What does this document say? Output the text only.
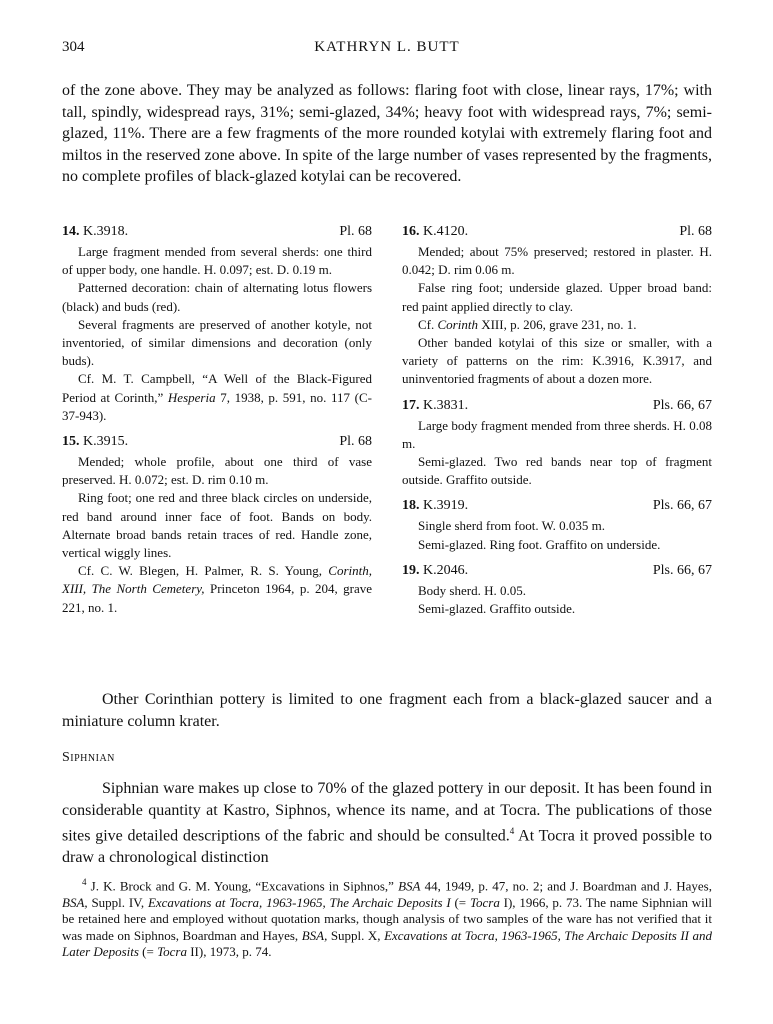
304	KATHRYN L. BUTT

of the zone above. They may be analyzed as follows: flaring foot with close, linear rays, 17%; with tall, spindly, widespread rays, 31%; semi-glazed, 34%; heavy foot with widespread rays, 7%; semi-glazed, 11%. There are a few fragments of the more rounded kotylai with extremely flaring foot and miltos in the reserved zone above. In spite of the large number of vases represented by the fragments, no complete profiles of black-glazed kotylai can be recovered.

14. K.3918.	Pl. 68

Large fragment mended from several sherds: one third of upper body, one handle. H. 0.097; est. D. 0.19 m.

Patterned decoration: chain of alternating lotus flowers (black) and buds (red).

Several fragments are preserved of another kotyle, not inventoried, of similar dimensions and decoration (only buds).

Cf. M. T. Campbell, “A Well of the Black-Figured Period at Corinth,” Hesperia 7, 1938, p. 591, no. 117 (C-37-943).

15. K.3915.	Pl. 68

Mended; whole profile, about one third of vase preserved. H. 0.072; est. D. rim 0.10 m.

Ring foot; one red and three black circles on underside, red band around inner face of foot. Bands on body. Alternate broad bands retain traces of red. Handle zone, vertical wiggly lines.

Cf. C. W. Blegen, H. Palmer, R. S. Young, Corinth, XIII, The North Cemetery, Princeton 1964, p. 204, grave 221, no. 1.

16. K.4120.	Pl. 68

Mended; about 75% preserved; restored in plaster. H. 0.042; D. rim 0.06 m.

False ring foot; underside glazed. Upper broad band: red paint applied directly to clay.

Cf. Corinth XIII, p. 206, grave 231, no. 1.

Other banded kotylai of this size or smaller, with a variety of patterns on the rim: K.3916, K.3917, and uninventoried fragments of about a dozen more.

17. K.3831.	Pls. 66, 67

Large body fragment mended from three sherds. H. 0.08 m.

Semi-glazed. Two red bands near top of fragment outside. Graffito outside.

18. K.3919.	Pls. 66, 67

Single sherd from foot. W. 0.035 m.

Semi-glazed. Ring foot. Graffito on underside.

19. K.2046.	Pls. 66, 67

Body sherd. H. 0.05.

Semi-glazed. Graffito outside.

Other Corinthian pottery is limited to one fragment each from a black-glazed saucer and a miniature column krater.

Siphnian

Siphnian ware makes up close to 70% of the glazed pottery in our deposit. It has been found in considerable quantity at Kastro, Siphnos, whence its name, and at Tocra. The publications of those sites give detailed descriptions of the fabric and should be consulted.$^4$ At Tocra it proved possible to draw a chronological distinction

$^4$ J. K. Brock and G. M. Young, “Excavations in Siphnos,” BSA 44, 1949, p. 47, no. 2; and J. Boardman and J. Hayes, BSA, Suppl. IV, Excavations at Tocra, 1963-1965, The Archaic Deposits I (= Tocra I), 1966, p. 73. The name Siphnian will be retained here and employed without quotation marks, though analysis of two samples of the ware has not verified that it was made on Siphnos, Boardman and Hayes, BSA, Suppl. X, Excavations at Tocra, 1963-1965, The Archaic Deposits II and Later Deposits (= Tocra II), 1973, p. 74.
